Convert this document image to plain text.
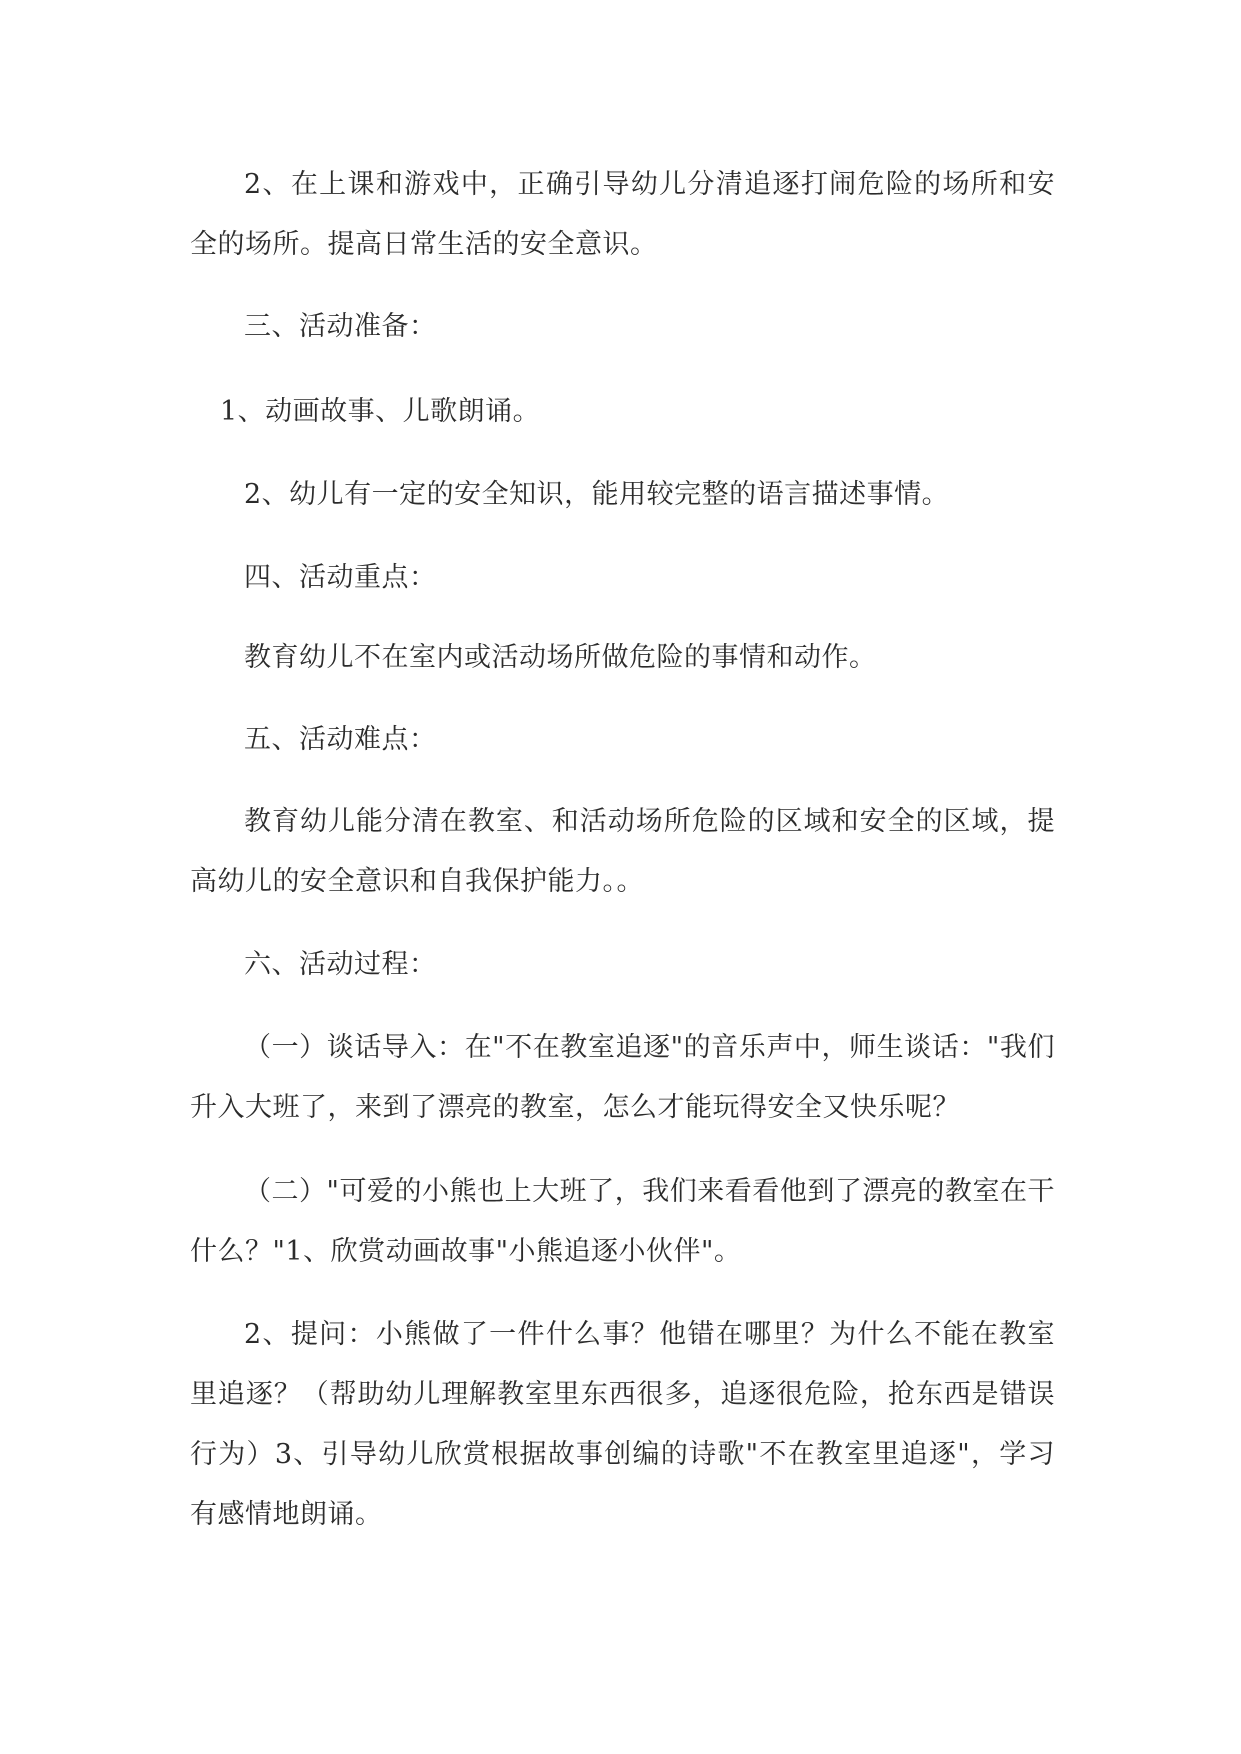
2、在上课和游戏中，正确引导幼儿分清追逐打闹危险的场所和安全的场所。提高日常生活的安全意识。

三、活动准备：

1、动画故事、儿歌朗诵。

2、幼儿有一定的安全知识，能用较完整的语言描述事情。

四、活动重点：

教育幼儿不在室内或活动场所做危险的事情和动作。

五、活动难点：

教育幼儿能分清在教室、和活动场所危险的区域和安全的区域，提高幼儿的安全意识和自我保护能力。。

六、活动过程：

（一）谈话导入：在"不在教室追逐"的音乐声中，师生谈话："我们升入大班了，来到了漂亮的教室，怎么才能玩得安全又快乐呢？

（二）"可爱的小熊也上大班了，我们来看看他到了漂亮的教室在干什么？"1、欣赏动画故事"小熊追逐小伙伴"。

2、提问：小熊做了一件什么事？他错在哪里？为什么不能在教室里追逐？（帮助幼儿理解教室里东西很多，追逐很危险，抢东西是错误行为）3、引导幼儿欣赏根据故事创编的诗歌"不在教室里追逐"，学习有感情地朗诵。
